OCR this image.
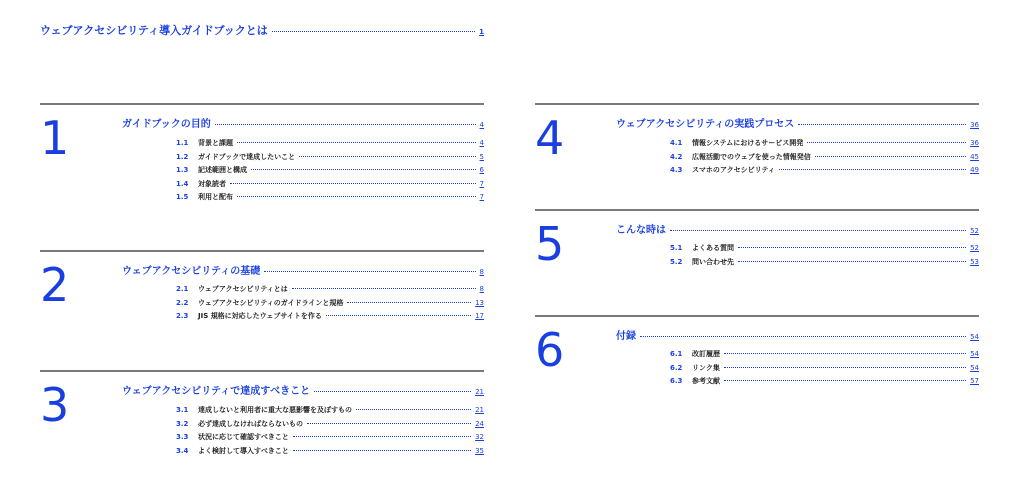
ウェブアクセシビリティ導入ガイドブックとは	1
1	ガイドブックの目的	4
1.1	背景と課題	4
1.2	ガイドブックで達成したいこと	5
1.3	記述範囲と構成	6
1.4	対象読者	7
1.5	利用と配布	7
2	ウェブアクセシビリティの基礎	8
2.1	ウェブアクセシビリティとは	8
2.2	ウェブアクセシビリティのガイドラインと規格	13
2.3	JIS 規格に対応したウェブサイトを作る	17
3	ウェブアクセシビリティで達成すべきこと	21
3.1	達成しないと利用者に重大な悪影響を及ぼすもの	21
3.2	必ず達成しなければならないもの	24
3.3	状況に応じて確認すべきこと	32
3.4	よく検討して導入すべきこと	35
4	ウェブアクセシビリティの実践プロセス	36
4.1	情報システムにおけるサービス開発	36
4.2	広報活動でのウェブを使った情報発信	45
4.3	スマホのアクセシビリティ	49
5	こんな時は	52
5.1	よくある質問	52
5.2	問い合わせ先	53
6	付録	54
6.1	改訂履歴	54
6.2	リンク集	54
6.3	参考文献	57
